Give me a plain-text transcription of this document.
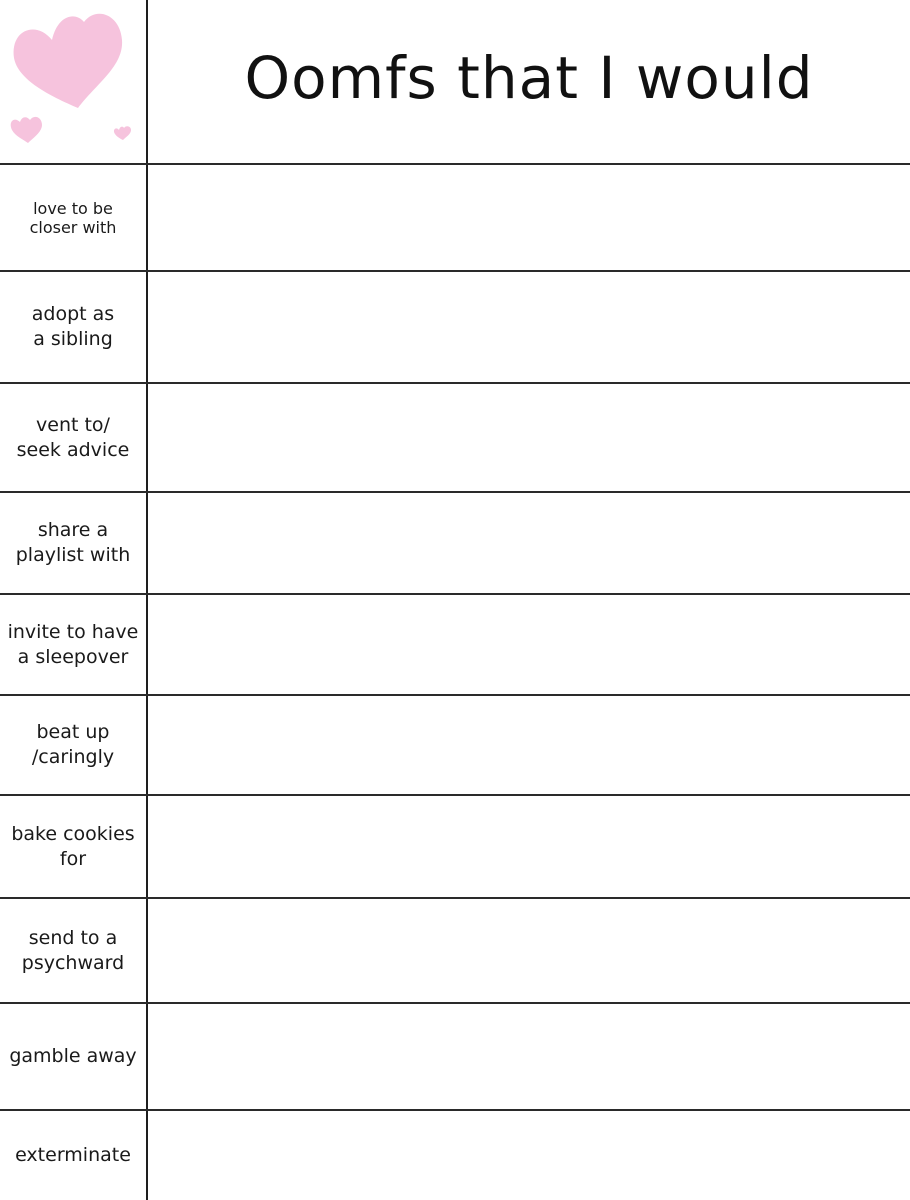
Oomfs that I would
love to be
closer with
adopt as
a sibling
vent to/
seek advice
share a
playlist with
invite to have
a sleepover
beat up
/caringly
bake cookies
for
send to a
psychward
gamble away
exterminate
